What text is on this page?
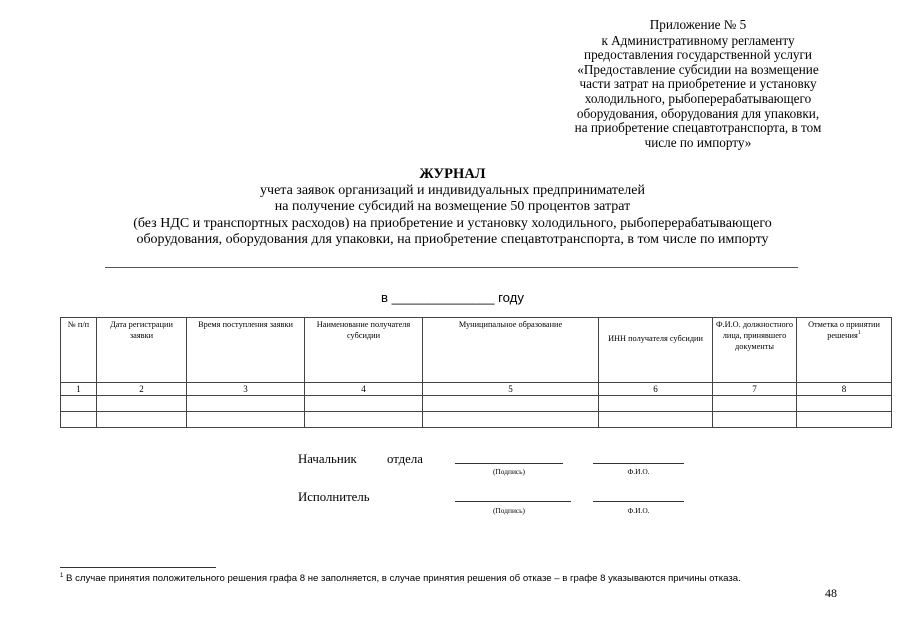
Приложение № 5
к Административному регламенту
предоставления государственной услуги
«Предоставление субсидии на возмещение
части затрат на приобретение и установку
холодильного, рыбоперерабатывающего
оборудования, оборудования для упаковки,
на приобретение спецавтотранспорта, в том
числе по импорту»
ЖУРНАЛ
учета заявок организаций и индивидуальных предпринимателей
на получение субсидий на возмещение 50 процентов затрат
(без НДС и транспортных расходов) на приобретение и установку холодильного, рыбоперерабатывающего
оборудования, оборудования для упаковки, на приобретение спецавтотранспорта, в том числе по импорту
в ______________ году
№ п/п	Дата регистрации заявки	Время поступления заявки	Наименование получателя субсидии	Муниципальное образование	ИНН получателя субсидии	Ф.И.О. должностного лица, принявшего документы	Отметка о принятии решения$^1$
1	2	3	4	5	6	7	8

Начальник отдела
(Подпись)	Ф.И.О.
Исполнитель
(Подпись)	Ф.И.О.
$^1$ В случае принятия положительного решения графа 8 не заполняется, в случае принятия решения об отказе – в графе 8 указываются причины отказа.
48
